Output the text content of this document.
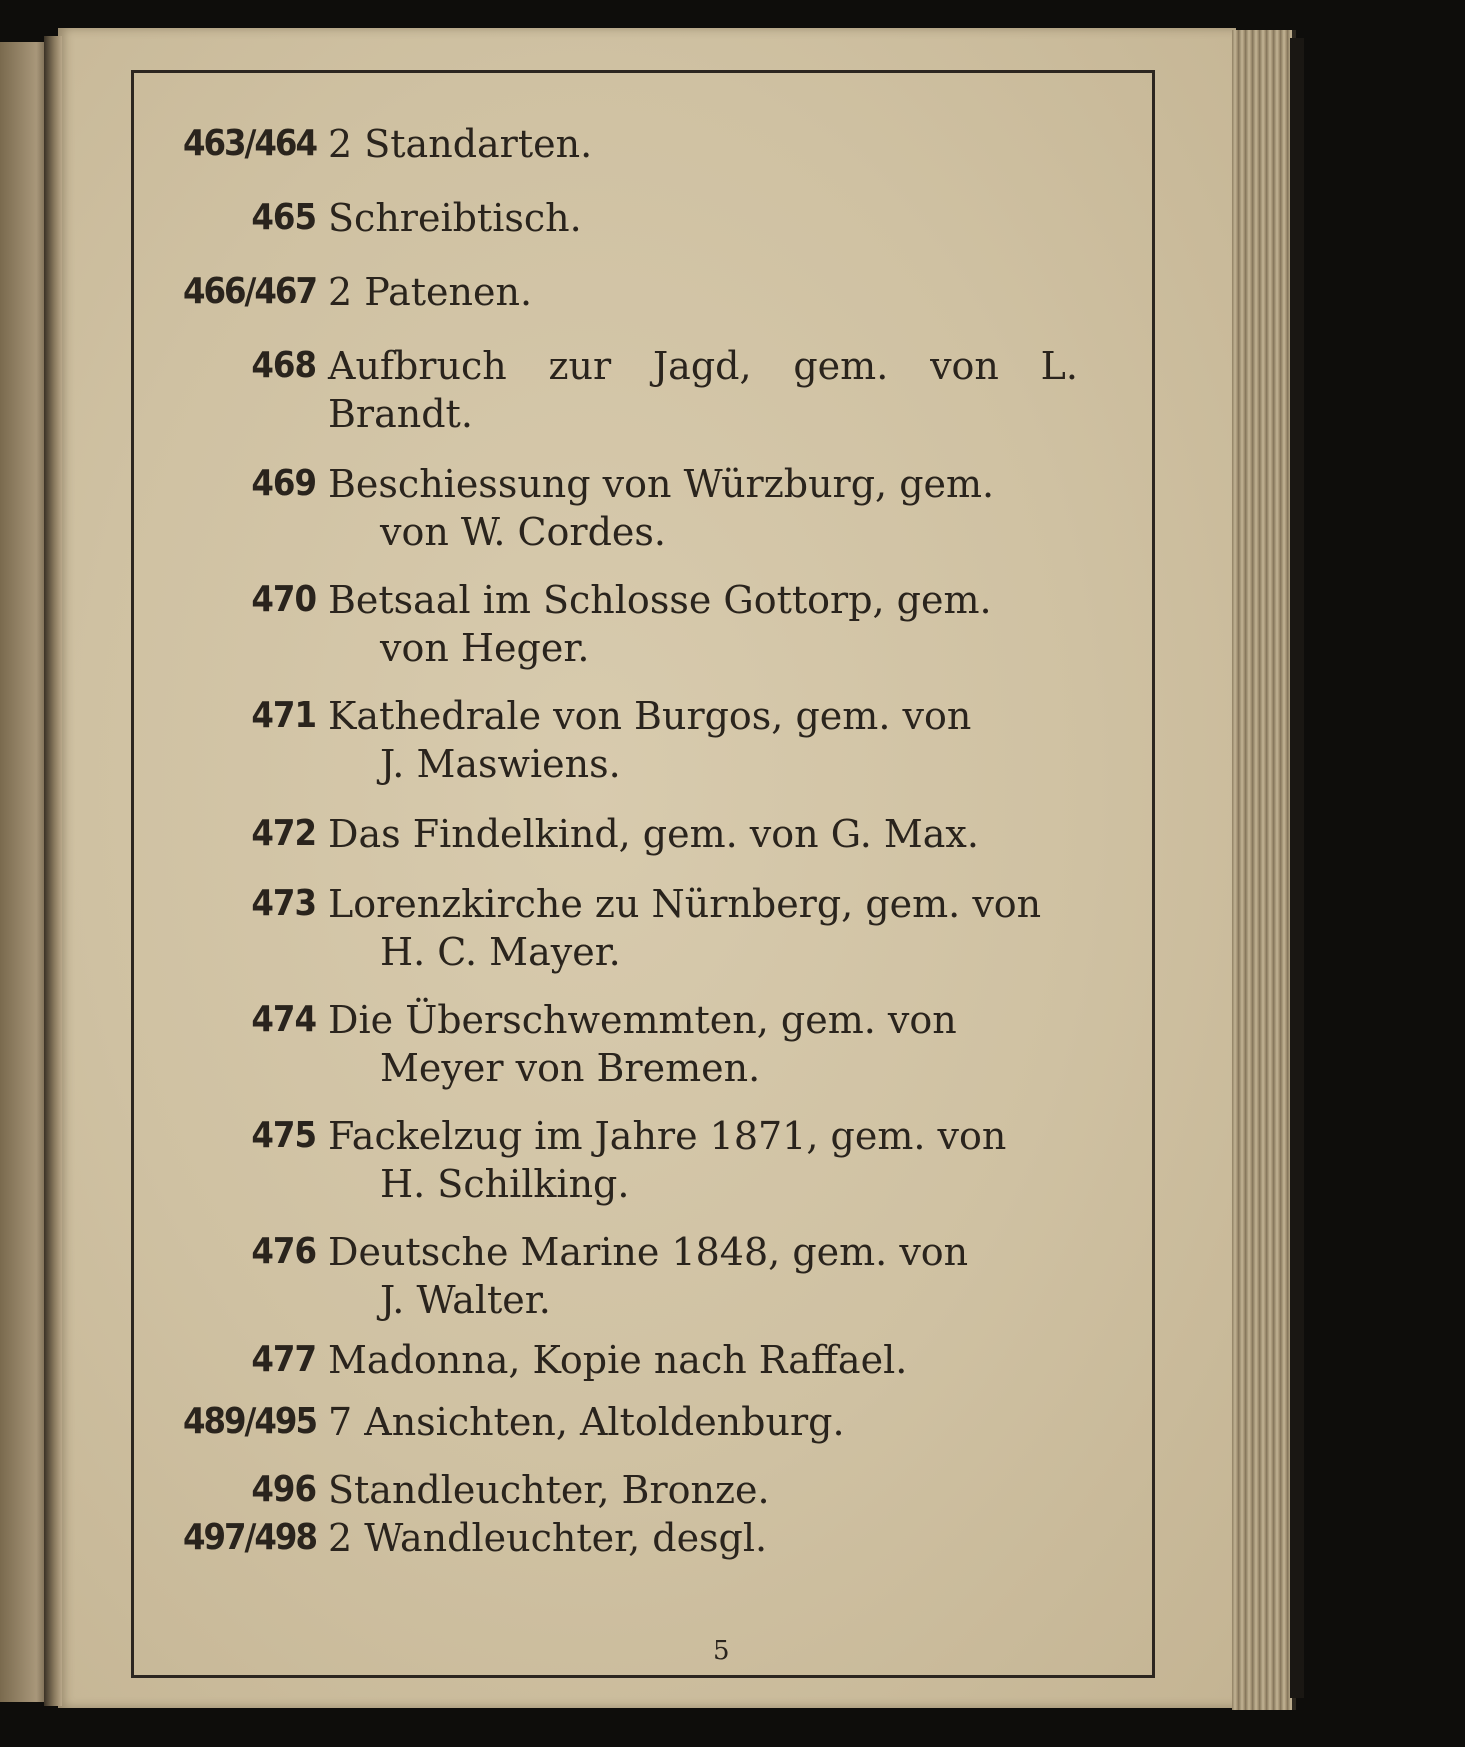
463/464 2 Standarten.
465 Schreibtisch.
466/467 2 Patenen.
468 Aufbruch zur Jagd, gem. von L. Brandt.
469 Beschiessung von Würzburg, gem.
von W. Cordes.
470 Betsaal im Schlosse Gottorp, gem.
von Heger.
471 Kathedrale von Burgos, gem. von
J. Maswiens.
472 Das Findelkind, gem. von G. Max.
473 Lorenzkirche zu Nürnberg, gem. von
H. C. Mayer.
474 Die Überschwemmten, gem. von
Meyer von Bremen.
475 Fackelzug im Jahre 1871, gem. von
H. Schilking.
476 Deutsche Marine 1848, gem. von
J. Walter.
477 Madonna, Kopie nach Raffael.
489/495 7 Ansichten, Altoldenburg.
496 Standleuchter, Bronze.
497/498 2 Wandleuchter, desgl.
5
